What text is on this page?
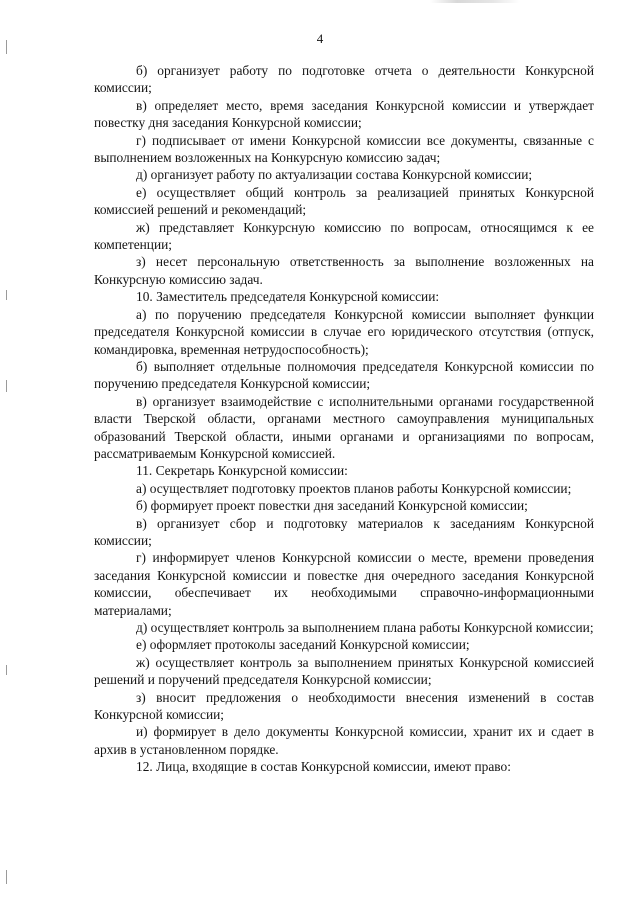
4

б) организует работу по подготовке отчета о деятельности Конкурсной комиссии;

в) определяет место, время заседания Конкурсной комиссии и утверждает повестку дня заседания Конкурсной комиссии;

г) подписывает от имени Конкурсной комиссии все документы, связанные с выполнением возложенных на Конкурсную комиссию задач;

д) организует работу по актуализации состава Конкурсной комиссии;

е) осуществляет общий контроль за реализацией принятых Конкурсной комиссией решений и рекомендаций;

ж) представляет Конкурсную комиссию по вопросам, относящимся к ее компетенции;

з) несет персональную ответственность за выполнение возложенных на Конкурсную комиссию задач.

10. Заместитель председателя Конкурсной комиссии:

а) по поручению председателя Конкурсной комиссии выполняет функции председателя Конкурсной комиссии в случае его юридического отсутствия (отпуск, командировка, временная нетрудоспособность);

б) выполняет отдельные полномочия председателя Конкурсной комиссии по поручению председателя Конкурсной комиссии;

в) организует взаимодействие с исполнительными органами государственной власти Тверской области, органами местного самоуправления муниципальных образований Тверской области, иными органами и организациями по вопросам, рассматриваемым Конкурсной комиссией.

11. Секретарь Конкурсной комиссии:

а) осуществляет подготовку проектов планов работы Конкурсной комиссии;

б) формирует проект повестки дня заседаний Конкурсной комиссии;

в) организует сбор и подготовку материалов к заседаниям Конкурсной комиссии;

г) информирует членов Конкурсной комиссии о месте, времени проведения заседания Конкурсной комиссии и повестке дня очередного заседания Конкурсной комиссии, обеспечивает их необходимыми справочно-информационными материалами;

д) осуществляет контроль за выполнением плана работы Конкурсной комиссии;

е) оформляет протоколы заседаний Конкурсной комиссии;

ж) осуществляет контроль за выполнением принятых Конкурсной комиссией решений и поручений председателя Конкурсной комиссии;

з) вносит предложения о необходимости внесения изменений в состав Конкурсной комиссии;

и) формирует в дело документы Конкурсной комиссии, хранит их и сдает в архив в установленном порядке.

12. Лица, входящие в состав Конкурсной комиссии, имеют право:
